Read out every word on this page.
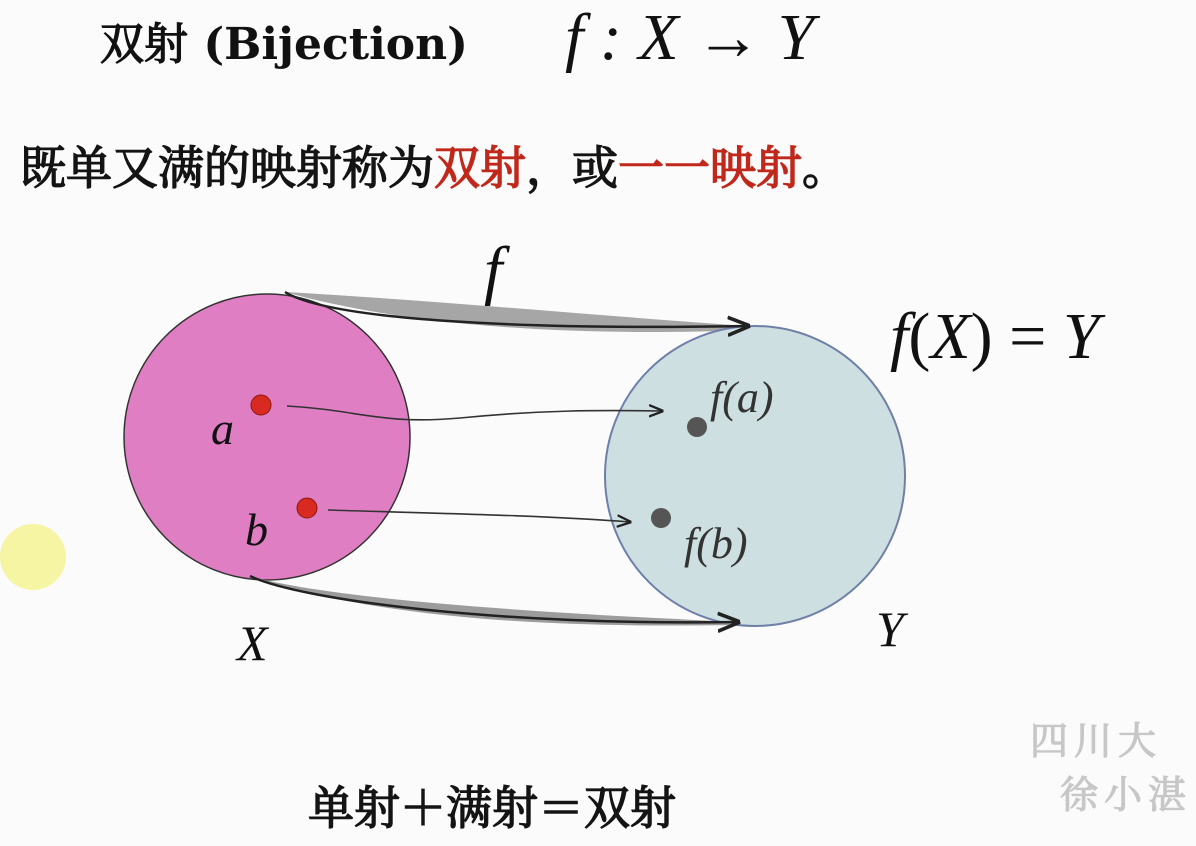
双射 (Bijection) f : X → Y
既单又满的映射称为双射，或一一映射。
f
a
b
f(a)
f(b)
X	Y
f(X) = Y
单射＋满射＝双射
四川大
徐小湛
